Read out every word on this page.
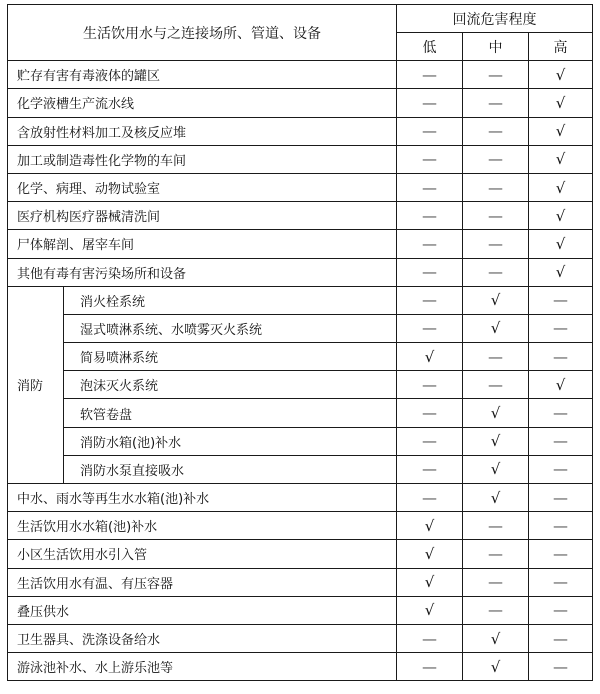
生活饮用水与之连接场所、管道、设备		回流危害程度		
		低	中	高
贮存有害有毒液体的罐区		—	—	√
化学液槽生产流水线		—	—	√
含放射性材料加工及核反应堆		—	—	√
加工或制造毒性化学物的车间		—	—	√
化学、病理、动物试验室		—	—	√
医疗机构医疗器械清洗间		—	—	√
尸体解剖、屠宰车间		—	—	√
其他有毒有害污染场所和设备		—	—	√
消防	消火栓系统	—	√	—
	湿式喷淋系统、水喷雾灭火系统	—	√	—
	简易喷淋系统	√	—	—
	泡沫灭火系统	—	—	√
	软管卷盘	—	√	—
	消防水箱(池)补水	—	√	—
	消防水泵直接吸水	—	√	—
中水、雨水等再生水水箱(池)补水		—	√	—
生活饮用水水箱(池)补水		√	—	—
小区生活饮用水引入管		√	—	—
生活饮用水有温、有压容器		√	—	—
叠压供水		√	—	—
卫生器具、洗涤设备给水		—	√	—
游泳池补水、水上游乐池等		—	√	—
